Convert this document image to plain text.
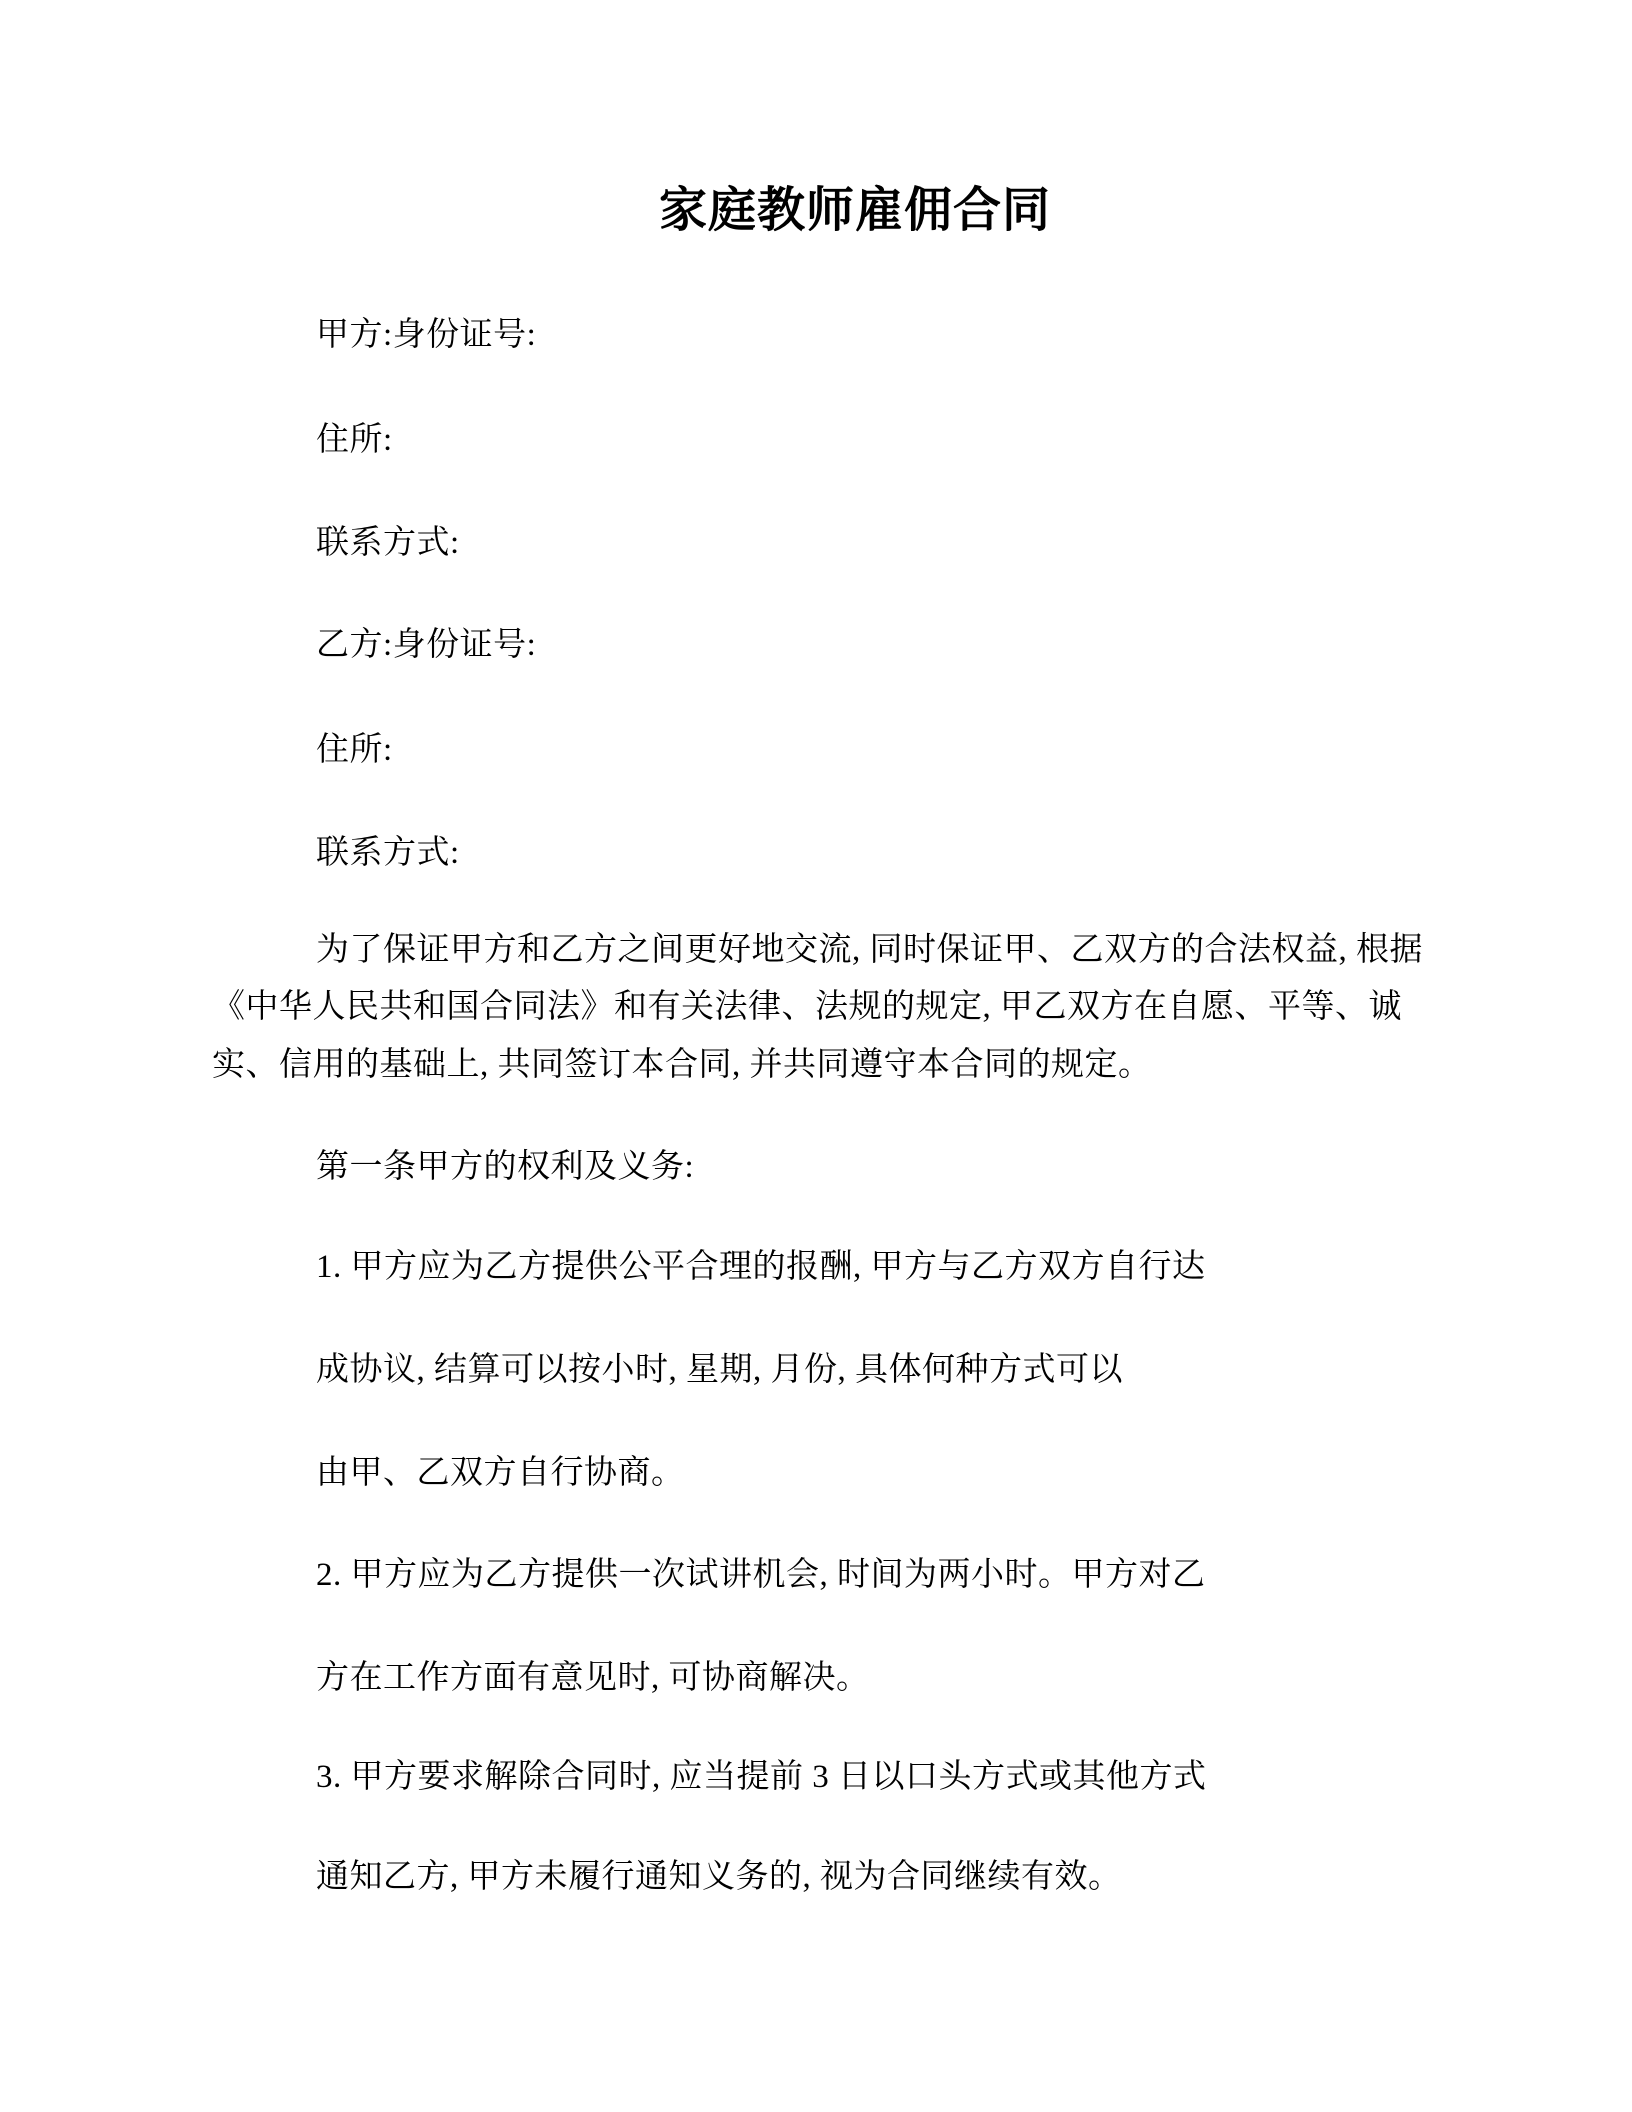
家庭教师雇佣合同
甲方:身份证号:
住所:
联系方式:
乙方:身份证号:
住所:
联系方式:
为了保证甲方和乙方之间更好地交流, 同时保证甲、乙双方的合法权益, 根据
《中华人民共和国合同法》和有关法律、法规的规定, 甲乙双方在自愿、平等、诚
实、信用的基础上, 共同签订本合同, 并共同遵守本合同的规定。
第一条甲方的权利及义务:
1. 甲方应为乙方提供公平合理的报酬, 甲方与乙方双方自行达
成协议, 结算可以按小时, 星期, 月份, 具体何种方式可以
由甲、乙双方自行协商。
2. 甲方应为乙方提供一次试讲机会, 时间为两小时。甲方对乙
方在工作方面有意见时, 可协商解决。
3. 甲方要求解除合同时, 应当提前 3 日以口头方式或其他方式
通知乙方, 甲方未履行通知义务的, 视为合同继续有效。
